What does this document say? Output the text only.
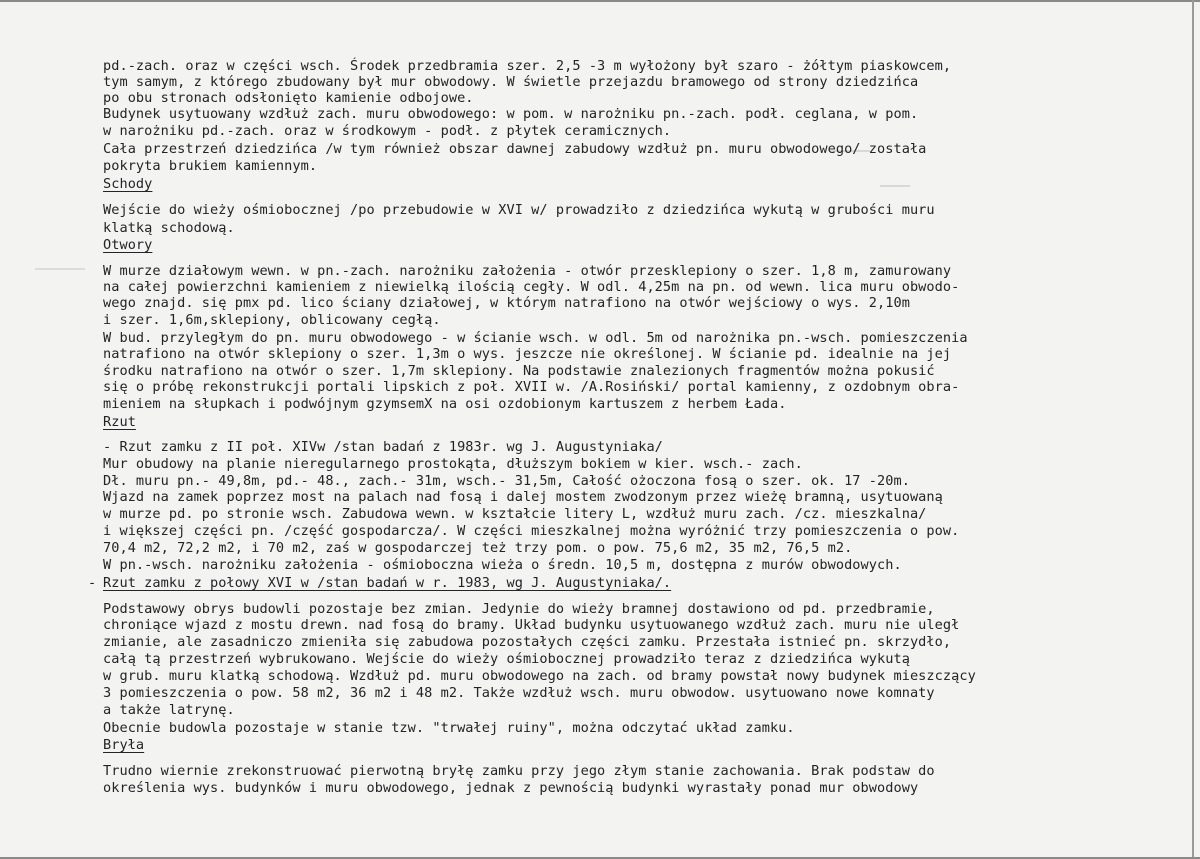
pd.-zach. oraz w części wsch. Środek przedbramia szer. 2,5 -3 m wyłożony był szaro - żółtym piaskowcem,
tym samym, z którego zbudowany był mur obwodowy. W świetle przejazdu bramowego od strony dziedzińca
po obu stronach odsłonięto kamienie odbojowe.
Budynek usytuowany wzdłuż zach. muru obwodowego: w pom. w narożniku pn.-zach. podł. ceglana, w pom.
w narożniku pd.-zach. oraz w środkowym - podł. z płytek ceramicznych.
Cała przestrzeń dziedzińca /w tym również obszar dawnej zabudowy wzdłuż pn. muru obwodowego/ została
pokryta brukiem kamiennym.
Schody
Wejście do wieży ośmiobocznej /po przebudowie w XVI w/ prowadziło z dziedzińca wykutą w grubości muru
klatką schodową.
Otwory
W murze działowym wewn. w pn.-zach. narożniku założenia - otwór przesklepiony o szer. 1,8 m, zamurowany
na całej powierzchni kamieniem z niewielką ilością cegły. W odl. 4,25m na pn. od wewn. lica muru obwodo-
wego znajd. się pmx pd. lico ściany działowej, w którym natrafiono na otwór wejściowy o wys. 2,10m
i szer. 1,6m,sklepiony, oblicowany cegłą.
W bud. przyległym do pn. muru obwodowego - w ścianie wsch. w odl. 5m od narożnika pn.-wsch. pomieszczenia
natrafiono na otwór sklepiony o szer. 1,3m o wys. jeszcze nie określonej. W ścianie pd. idealnie na jej
środku natrafiono na otwór o szer. 1,7m sklepiony. Na podstawie znalezionych fragmentów można pokusić
się o próbę rekonstrukcji portali lipskich z poł. XVII w. /A.Rosiński/ portal kamienny, z ozdobnym obra-
mieniem na słupkach i podwójnym gzymsemX na osi ozdobionym kartuszem z herbem Łada.
Rzut
- Rzut zamku z II poł. XIVw /stan badań z 1983r. wg J. Augustyniaka/
Mur obudowy na planie nieregularnego prostokąta, dłuższym bokiem w kier. wsch.- zach.
Dł. muru pn.- 49,8m, pd.- 48., zach.- 31m, wsch.- 31,5m, Całość ożoczona fosą o szer. ok. 17 -20m.
Wjazd na zamek poprzez most na palach nad fosą i dalej mostem zwodzonym przez wieżę bramną, usytuowaną
w murze pd. po stronie wsch. Zabudowa wewn. w kształcie litery L, wzdłuż muru zach. /cz. mieszkalna/
i większej części pn. /część gospodarcza/. W części mieszkalnej można wyróżnić trzy pomieszczenia o pow.
70,4 m2, 72,2 m2, i 70 m2, zaś w gospodarczej też trzy pom. o pow. 75,6 m2, 35 m2, 76,5 m2.
W pn.-wsch. narożniku założenia - ośmioboczna wieża o średn. 10,5 m, dostępna z murów obwodowych.
- Rzut zamku z połowy XVI w /stan badań w r. 1983, wg J. Augustyniaka/.
Podstawowy obrys budowli pozostaje bez zmian. Jedynie do wieży bramnej dostawiono od pd. przedbramie,
chroniące wjazd z mostu drewn. nad fosą do bramy. Układ budynku usytuowanego wzdłuż zach. muru nie uległ
zmianie, ale zasadniczo zmieniła się zabudowa pozostałych części zamku. Przestała istnieć pn. skrzydło,
całą tą przestrzeń wybrukowano. Wejście do wieży ośmiobocznej prowadziło teraz z dziedzińca wykutą
w grub. muru klatką schodową. Wzdłuż pd. muru obwodowego na zach. od bramy powstał nowy budynek mieszczący
3 pomieszczenia o pow. 58 m2, 36 m2 i 48 m2. Także wzdłuż wsch. muru obwodow. usytuowano nowe komnaty
a także latrynę.
Obecnie budowla pozostaje w stanie tzw. "trwałej ruiny", można odczytać układ zamku.
Bryła
Trudno wiernie zrekonstruować pierwotną bryłę zamku przy jego złym stanie zachowania. Brak podstaw do
określenia wys. budynków i muru obwodowego, jednak z pewnością budynki wyrastały ponad mur obwodowy
